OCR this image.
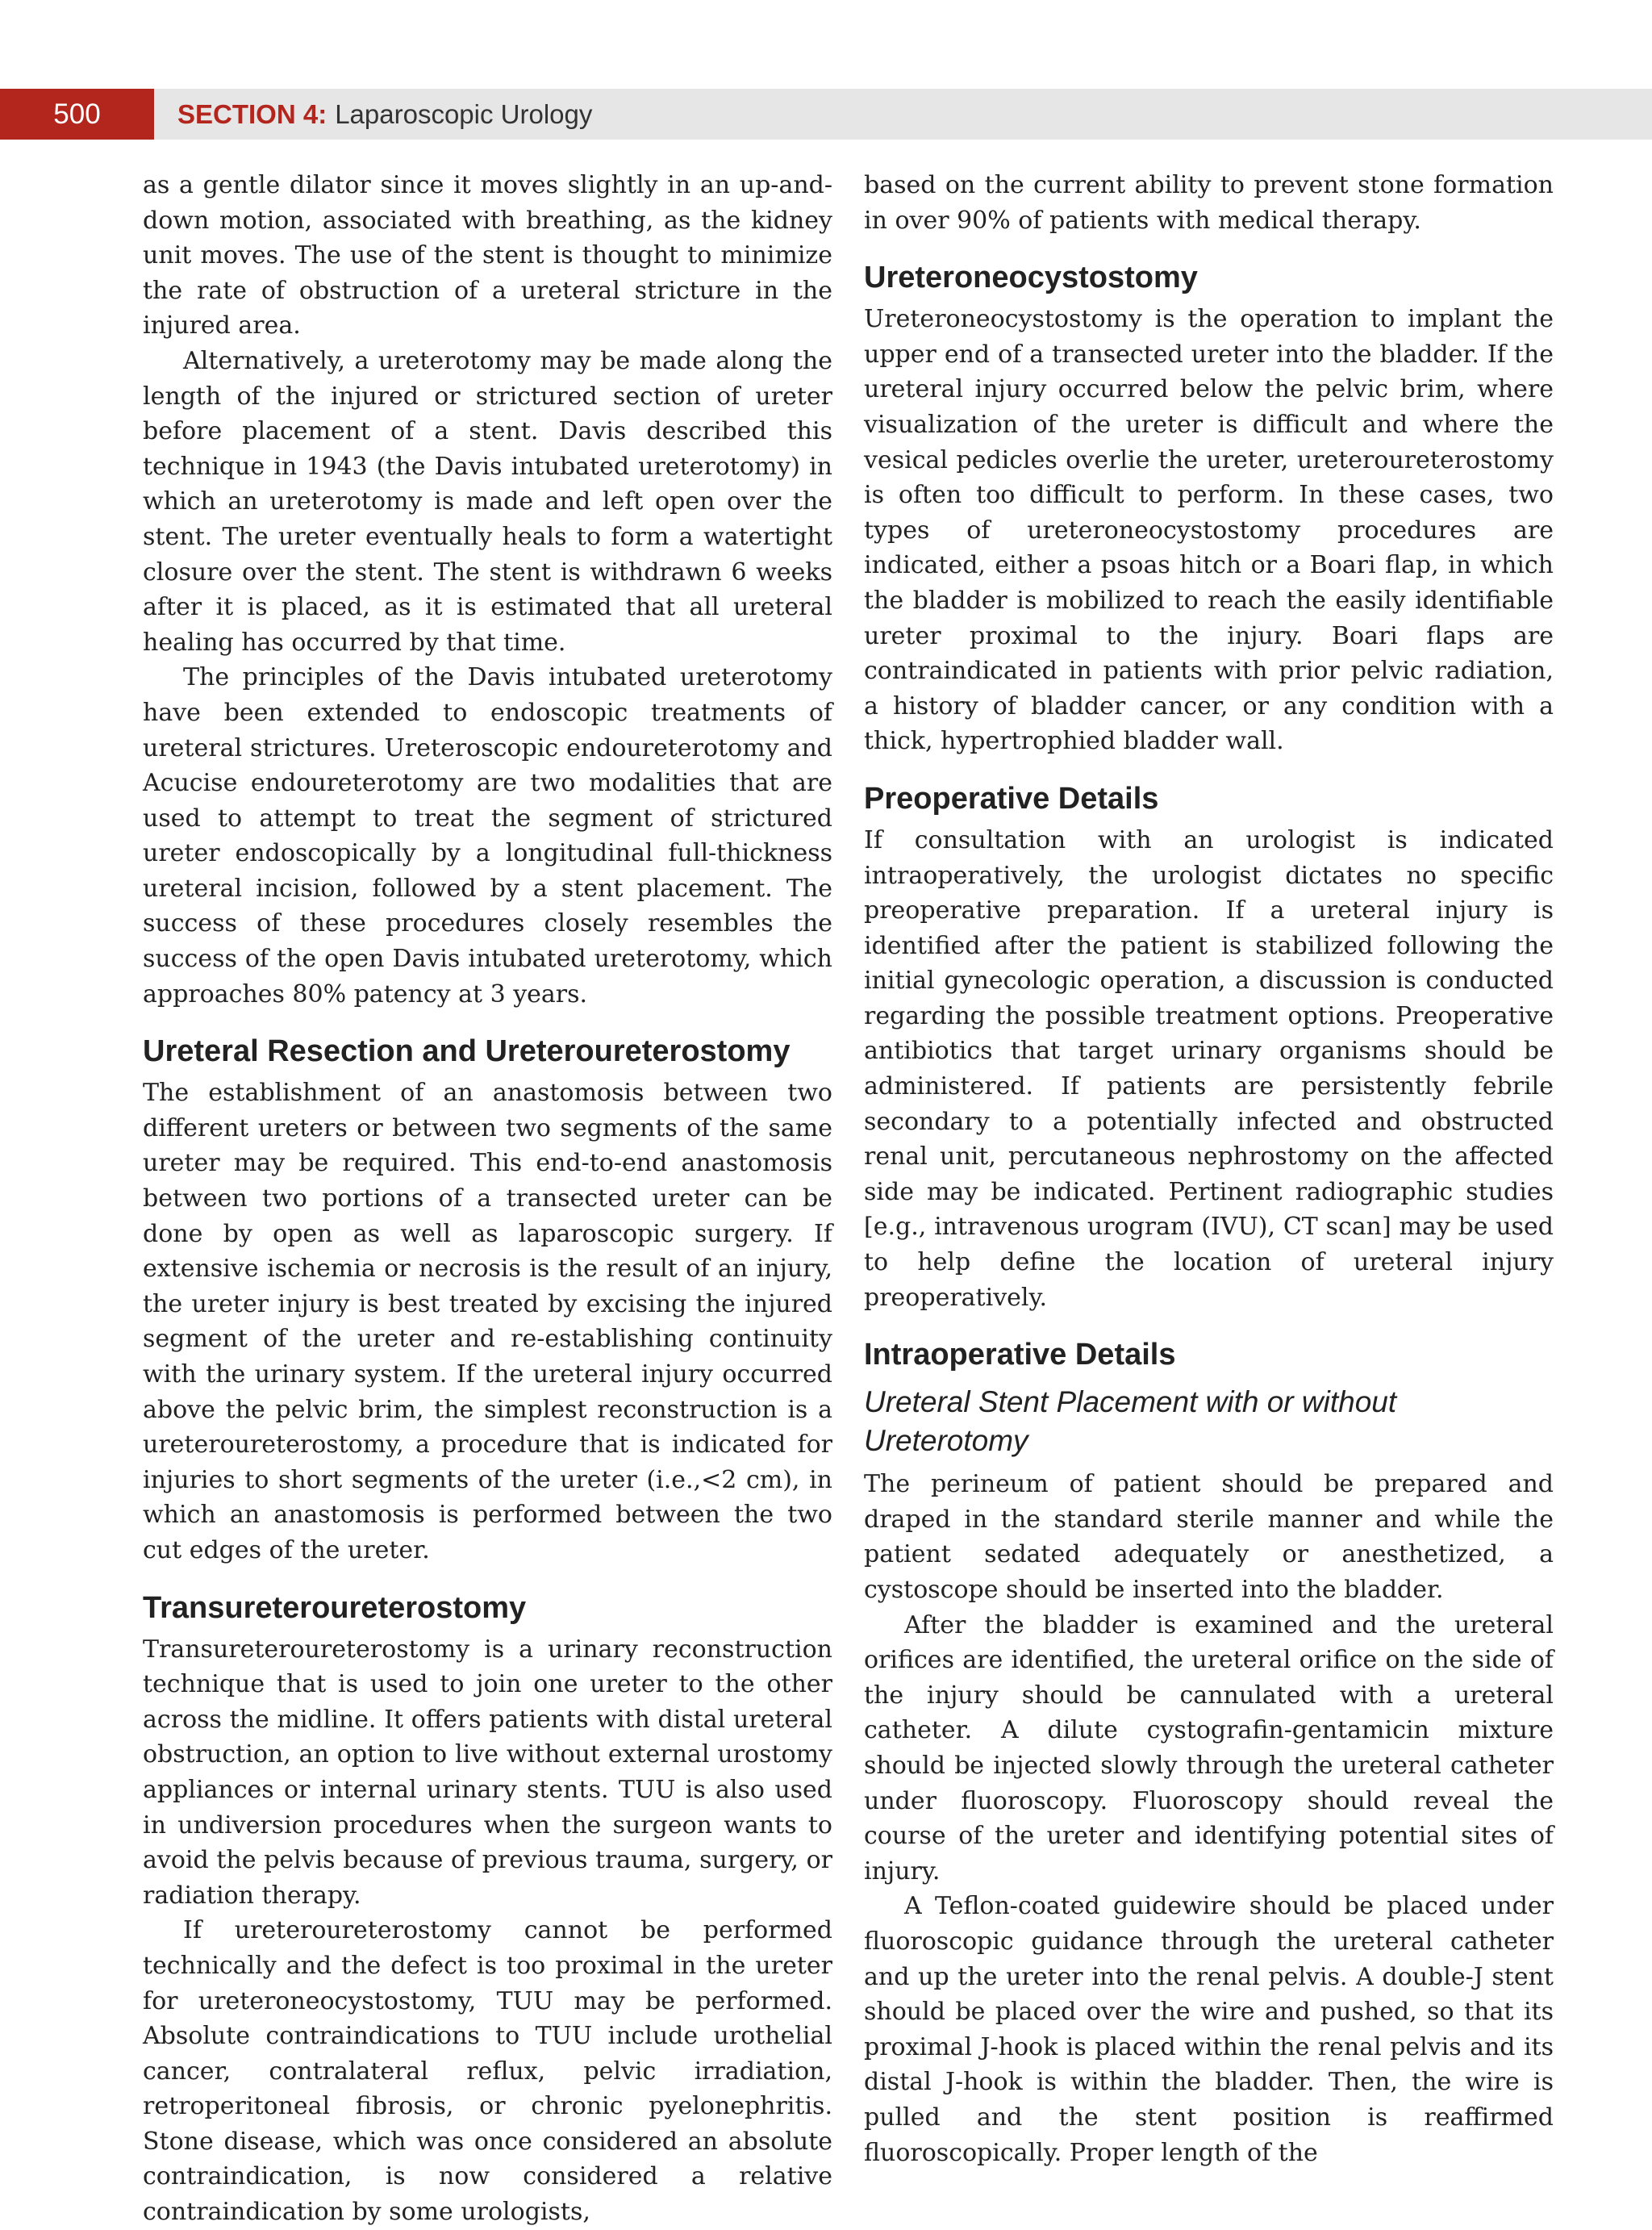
500	SECTION 4: Laparoscopic Urology

as a gentle dilator since it moves slightly in an up-and-down motion, associated with breathing, as the kidney unit moves. The use of the stent is thought to minimize the rate of obstruction of a ureteral stricture in the injured area.

Alternatively, a ureterotomy may be made along the length of the injured or strictured section of ureter before placement of a stent. Davis described this technique in 1943 (the Davis intubated ureterotomy) in which an ureterotomy is made and left open over the stent. The ureter eventually heals to form a watertight closure over the stent. The stent is withdrawn 6 weeks after it is placed, as it is estimated that all ureteral healing has occurred by that time.

The principles of the Davis intubated ureterotomy have been extended to endoscopic treatments of ureteral strictures. Ureteroscopic endoureterotomy and Acucise endoureterotomy are two modalities that are used to attempt to treat the segment of strictured ureter endoscopically by a longitudinal full-thickness ureteral incision, followed by a stent placement. The success of these procedures closely resembles the success of the open Davis intubated ureterotomy, which approaches 80% patency at 3 years.

Ureteral Resection and Ureteroureterostomy

The establishment of an anastomosis between two different ureters or between two segments of the same ureter may be required. This end-to-end anastomosis between two portions of a transected ureter can be done by open as well as laparoscopic surgery. If extensive ischemia or necrosis is the result of an injury, the ureter injury is best treated by excising the injured segment of the ureter and re-establishing continuity with the urinary system. If the ureteral injury occurred above the pelvic brim, the simplest reconstruction is a ureteroureterostomy, a procedure that is indicated for injuries to short segments of the ureter (i.e.,<2 cm), in which an anastomosis is performed between the two cut edges of the ureter.

Transureteroureterostomy

Transureteroureterostomy is a urinary reconstruction technique that is used to join one ureter to the other across the midline. It offers patients with distal ureteral obstruction, an option to live without external urostomy appliances or internal urinary stents. TUU is also used in undiversion procedures when the surgeon wants to avoid the pelvis because of previous trauma, surgery, or radiation therapy.

If ureteroureterostomy cannot be performed technically and the defect is too proximal in the ureter for ureteroneocystostomy, TUU may be performed. Absolute contraindications to TUU include urothelial cancer, contralateral reflux, pelvic irradiation, retroperitoneal fibrosis, or chronic pyelonephritis. Stone disease, which was once considered an absolute contraindication, is now considered a relative contraindication by some urologists,

based on the current ability to prevent stone formation in over 90% of patients with medical therapy.

Ureteroneocystostomy

Ureteroneocystostomy is the operation to implant the upper end of a transected ureter into the bladder. If the ureteral injury occurred below the pelvic brim, where visualization of the ureter is difficult and where the vesical pedicles overlie the ureter, ureteroureterostomy is often too difficult to perform. In these cases, two types of ureteroneocystostomy procedures are indicated, either a psoas hitch or a Boari flap, in which the bladder is mobilized to reach the easily identifiable ureter proximal to the injury. Boari flaps are contraindicated in patients with prior pelvic radiation, a history of bladder cancer, or any condition with a thick, hypertrophied bladder wall.

Preoperative Details

If consultation with an urologist is indicated intraoperatively, the urologist dictates no specific preoperative preparation. If a ureteral injury is identified after the patient is stabilized following the initial gynecologic operation, a discussion is conducted regarding the possible treatment options. Preoperative antibiotics that target urinary organisms should be administered. If patients are persistently febrile secondary to a potentially infected and obstructed renal unit, percutaneous nephrostomy on the affected side may be indicated. Pertinent radiographic studies [e.g., intravenous urogram (IVU), CT scan] may be used to help define the location of ureteral injury preoperatively.

Intraoperative Details
Ureteral Stent Placement with or without Ureterotomy

The perineum of patient should be prepared and draped in the standard sterile manner and while the patient sedated adequately or anesthetized, a cystoscope should be inserted into the bladder.

After the bladder is examined and the ureteral orifices are identified, the ureteral orifice on the side of the injury should be cannulated with a ureteral catheter. A dilute cystografin-gentamicin mixture should be injected slowly through the ureteral catheter under fluoroscopy. Fluoroscopy should reveal the course of the ureter and identifying potential sites of injury.

A Teflon-coated guidewire should be placed under fluoroscopic guidance through the ureteral catheter and up the ureter into the renal pelvis. A double-J stent should be placed over the wire and pushed, so that its proximal J-hook is placed within the renal pelvis and its distal J-hook is within the bladder. Then, the wire is pulled and the stent position is reaffirmed fluoroscopically. Proper length of the
